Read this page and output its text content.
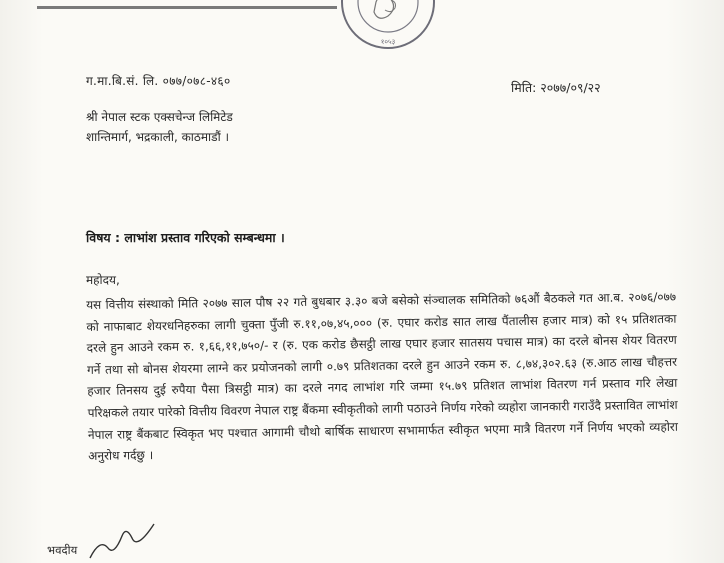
१०५३
ग.मा.बि.सं. लि. ०७७/०७८-४६०	मिति: २०७७/०९/२२
श्री नेपाल स्टक एक्सचेन्ज लिमिटेड
शान्तिमार्ग, भद्रकाली, काठमाडौं ।
विषय : लाभांश प्रस्ताव गरिएको सम्बन्धमा ।
महोदय,
यस वित्तीय संस्थाको मिति २०७७ साल पौष २२ गते बुधबार ३.३० बजे बसेको संञ्चालक समितिको ७६औं बैठकले गत आ.ब. २०७६/०७७ को नाफाबाट शेयरधनिहरुका लागी चुक्ता पुँजी रु.११,०७,४५,००० (रु. एघार करोड सात लाख पैंतालीस हजार मात्र) को १५ प्रतिशतका दरले हुन आउने रकम रु. १,६६,११,७५०/- र (रु. एक करोड छैसट्ठी लाख एघार हजार सातसय पचास मात्र) का दरले बोनस शेयर वितरण गर्ने तथा सो बोनस शेयरमा लाग्ने कर प्रयोजनको लागी ०.७९ प्रतिशतका दरले हुन आउने रकम रु. ८,७४,३०२.६३ (रु.आठ लाख चौहत्तर हजार तिनसय दुई रुपैया पैसा त्रिसट्ठी मात्र) का दरले नगद लाभांश गरि जम्मा १५.७९ प्रतिशत लाभांश वितरण गर्न प्रस्ताव गरि लेखा परिक्षकले तयार पारेको वित्तीय विवरण नेपाल राष्ट्र बैंकमा स्वीकृतीको लागी पठाउने निर्णय गरेको व्यहोरा जानकारी गराउँदै प्रस्तावित लाभांश नेपाल राष्ट्र बैंकबाट स्विकृत भए पश्चात आगामी चौथो बार्षिक साधारण सभामार्फत स्वीकृत भएमा मात्रै वितरण गर्ने निर्णय भएको व्यहोरा अनुरोध गर्दछु ।
भवदीय
